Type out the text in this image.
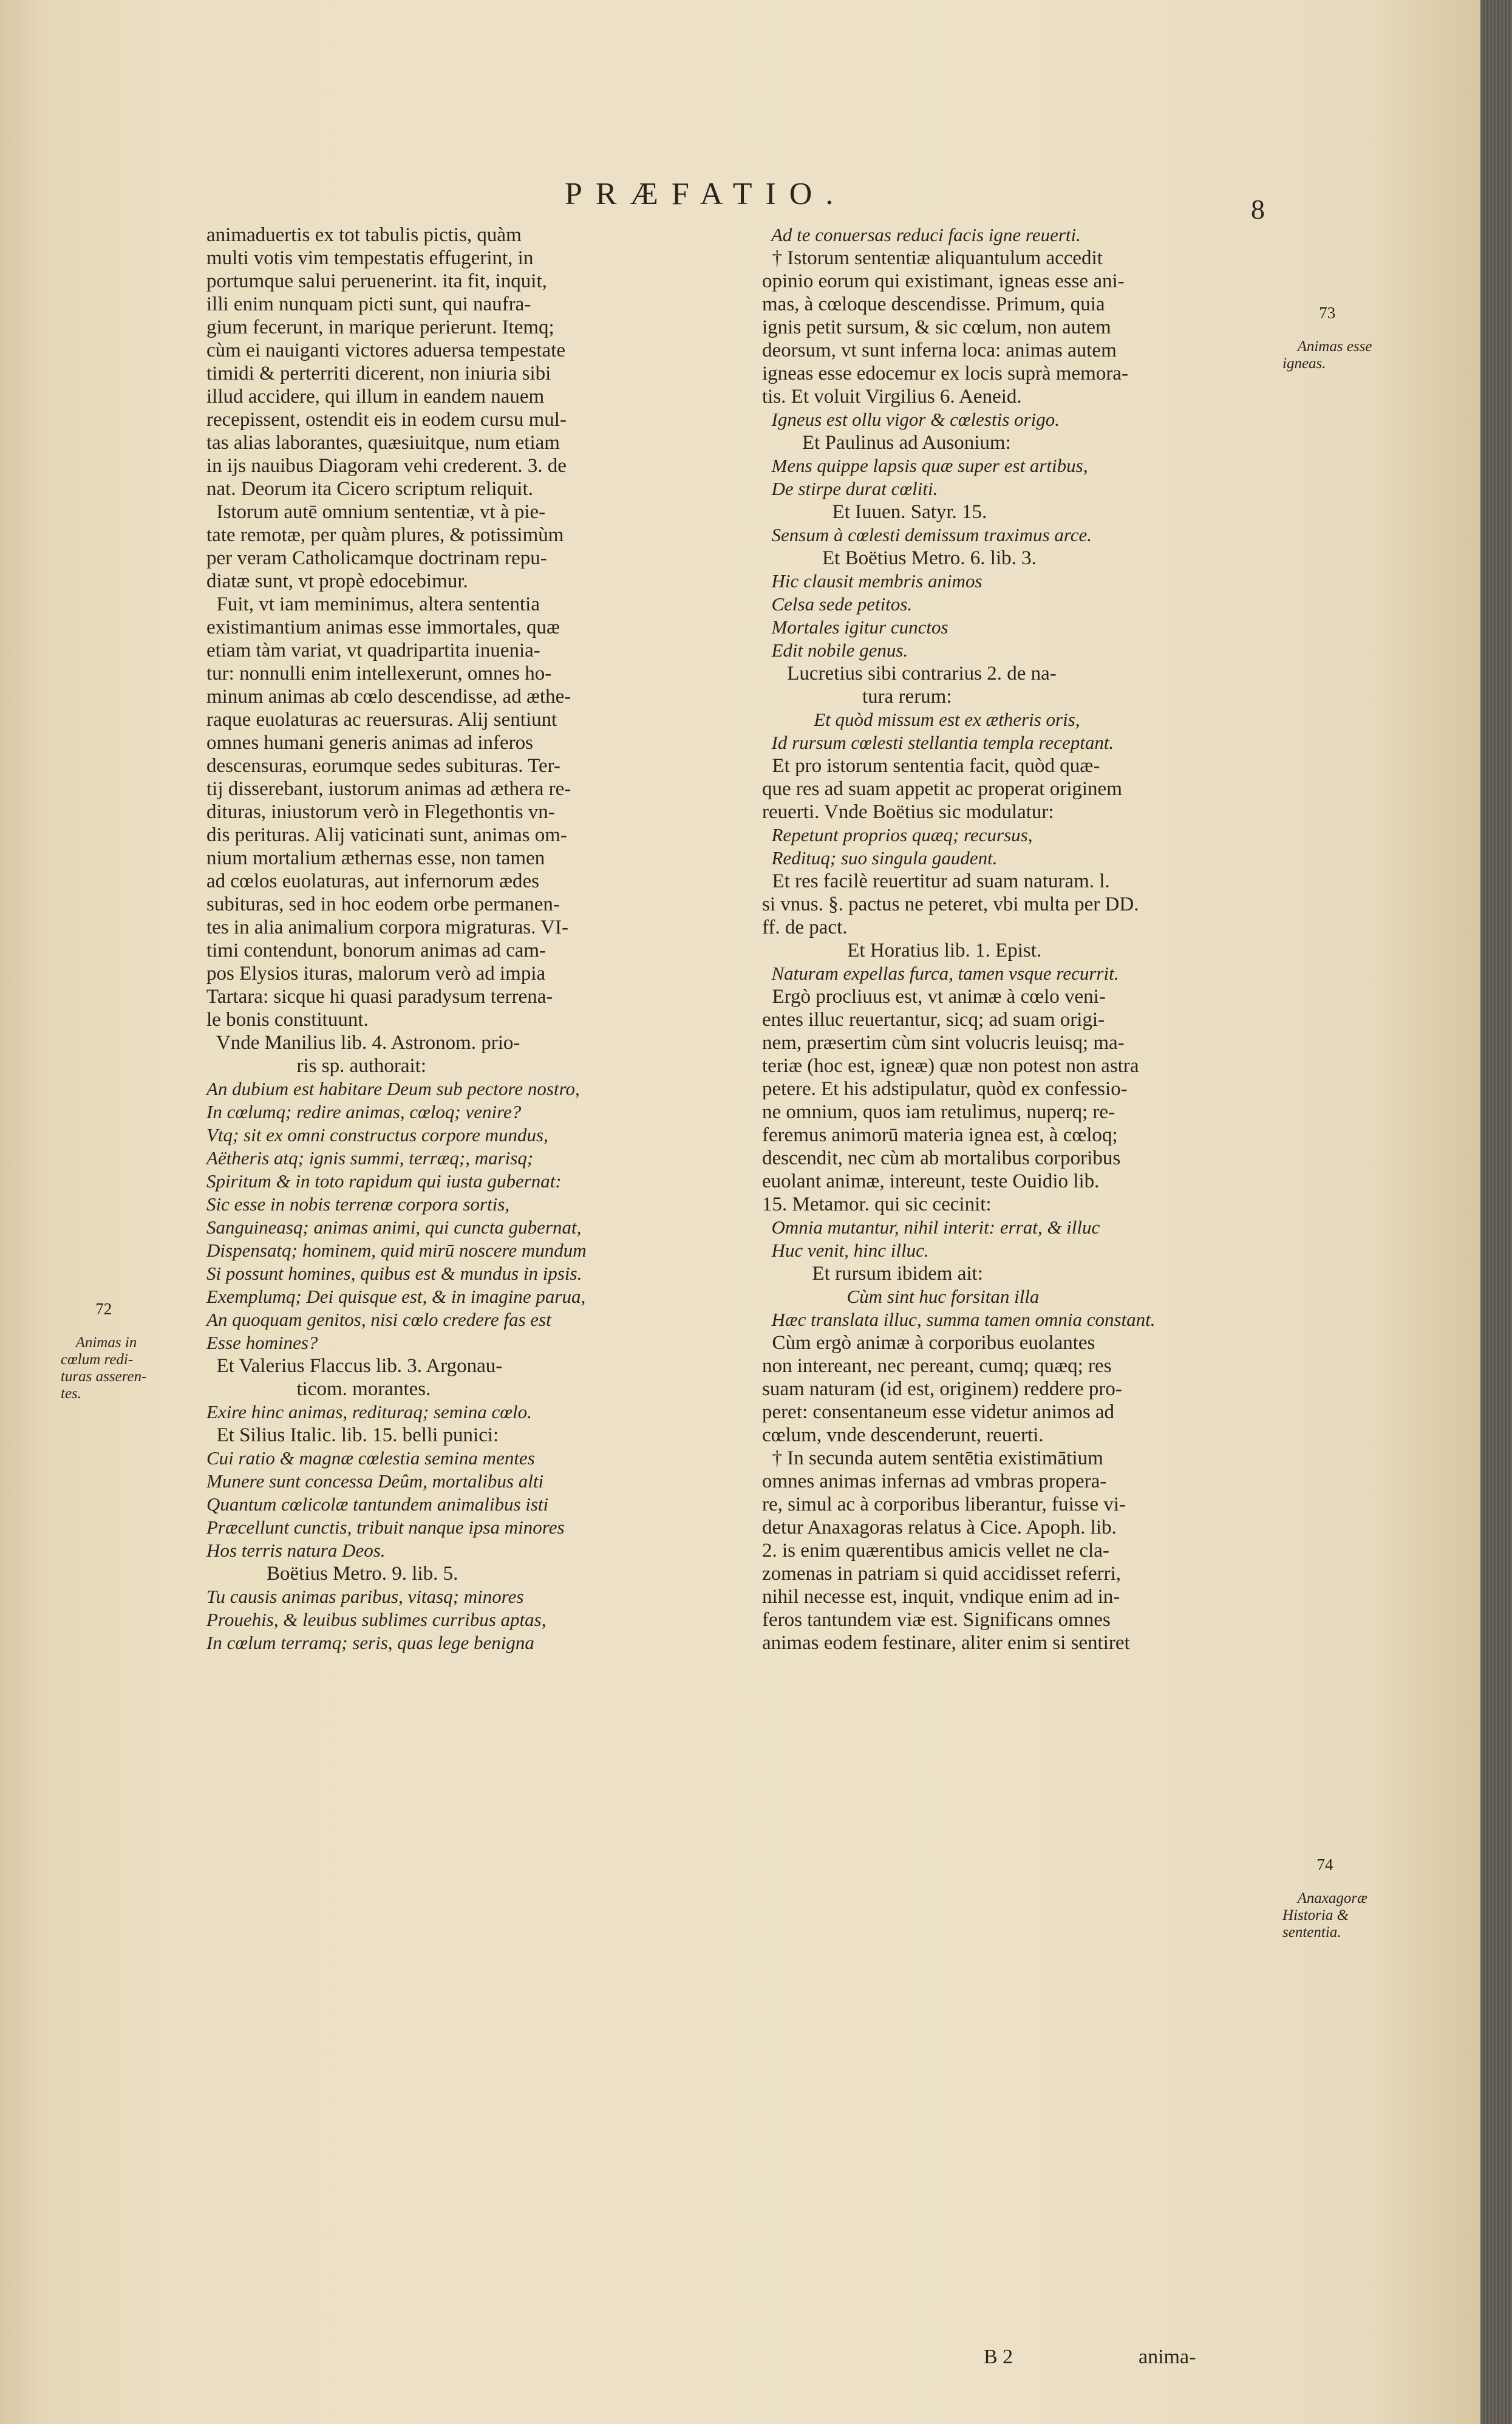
PRÆFATIO.	8
animaduertis ex tot tabulis pictis, quàm
multi votis vim tempestatis effugerint, in
portumque salui peruenerint. ita fit, inquit,
illi enim nunquam picti sunt, qui naufra-
gium fecerunt, in marique perierunt. Itemq;
cùm ei nauiganti victores aduersa tempestate
timidi & perterriti dicerent, non iniuria sibi
illud accidere, qui illum in eandem nauem
recepissent, ostendit eis in eodem cursu mul-
tas alias laborantes, quæsiuitque, num etiam
in ijs nauibus Diagoram vehi crederent. 3. de
nat. Deorum ita Cicero scriptum reliquit.
Istorum autē omnium sententiæ, vt à pie-
tate remotæ, per quàm plures, & potissimùm
per veram Catholicamque doctrinam repu-
diatæ sunt, vt propè edocebimur.
Fuit, vt iam meminimus, altera sententia
existimantium animas esse immortales, quæ
etiam tàm variat, vt quadripartita inuenia-
tur: nonnulli enim intellexerunt, omnes ho-
minum animas ab cœlo descendisse, ad æthe-
raque euolaturas ac reuersuras. Alij sentiunt
omnes humani generis animas ad inferos
descensuras, eorumque sedes subituras. Ter-
tij disserebant, iustorum animas ad æthera re-
dituras, iniustorum verò in Flegethontis vn-
dis perituras. Alij vaticinati sunt, animas om-
nium mortalium æthernas esse, non tamen
ad cœlos euolaturas, aut infernorum ædes
subituras, sed in hoc eodem orbe permanen-
tes in alia animalium corpora migraturas. VI-
timi contendunt, bonorum animas ad cam-
pos Elysios ituras, malorum verò ad impia
Tartara: sicque hi quasi paradysum terrena-
le bonis constituunt.
Vnde Manilius lib. 4. Astronom. prio-
ris sp. authorait:
An dubium est habitare Deum sub pectore nostro,
In cœlumq; redire animas, cœloq; venire?
Vtq; sit ex omni constructus corpore mundus,
Aëtheris atq; ignis summi, terræq;, marisq;
Spiritum & in toto rapidum qui iusta gubernat:
Sic esse in nobis terrenæ corpora sortis,
Sanguineasq; animas animi, qui cuncta gubernat,
Dispensatq; hominem, quid mirū noscere mundum
Si possunt homines, quibus est & mundus in ipsis.
Exemplumq; Dei quisque est, & in imagine parua,
An quoquam genitos, nisi cœlo credere fas est
Esse homines?
Et Valerius Flaccus lib. 3. Argonau-
ticom. morantes.
Exire hinc animas, redituraq; semina cœlo.
Et Silius Italic. lib. 15. belli punici:
Cui ratio & magnæ cœlestia semina mentes
Munere sunt concessa Deûm, mortalibus alti
Quantum cœlicolæ tantundem animalibus isti
Præcellunt cunctis, tribuit nanque ipsa minores
Hos terris natura Deos.
Boëtius Metro. 9. lib. 5.
Tu causis animas paribus, vitasq; minores
Prouehis, & leuibus sublimes curribus aptas,
In cœlum terramq; seris, quas lege benigna
Ad te conuersas reduci facis igne reuerti.
† Istorum sententiæ aliquantulum accedit
opinio eorum qui existimant, igneas esse ani-
mas, à cœloque descendisse. Primum, quia
ignis petit sursum, & sic cœlum, non autem
deorsum, vt sunt inferna loca: animas autem
igneas esse edocemur ex locis suprà memora-
tis. Et voluit Virgilius 6. Aeneid.
Igneus est ollu vigor & cœlestis origo.
Et Paulinus ad Ausonium:
Mens quippe lapsis quæ super est artibus,
De stirpe durat cœliti.
Et Iuuen. Satyr. 15.
Sensum à cœlesti demissum traximus arce.
Et Boëtius Metro. 6. lib. 3.
Hic clausit membris animos
Celsa sede petitos.
Mortales igitur cunctos
Edit nobile genus.
Lucretius sibi contrarius 2. de na-
tura rerum:
Et quòd missum est ex ætheris oris,
Id rursum cœlesti stellantia templa receptant.
Et pro istorum sententia facit, quòd quæ-
que res ad suam appetit ac properat originem
reuerti. Vnde Boëtius sic modulatur:
Repetunt proprios quæq; recursus,
Redituq; suo singula gaudent.
Et res facilè reuertitur ad suam naturam. l.
si vnus. §. pactus ne peteret, vbi multa per DD.
ff. de pact.
Et Horatius lib. 1. Epist.
Naturam expellas furca, tamen vsque recurrit.
Ergò procliuus est, vt animæ à cœlo veni-
entes illuc reuertantur, sicq; ad suam origi-
nem, præsertim cùm sint volucris leuisq; ma-
teriæ (hoc est, igneæ) quæ non potest non astra
petere. Et his adstipulatur, quòd ex confessio-
ne omnium, quos iam retulimus, nuperq; re-
feremus animorū materia ignea est, à cœloq;
descendit, nec cùm ab mortalibus corporibus
euolant animæ, intereunt, teste Ouidio lib.
15. Metamor. qui sic cecinit:
Omnia mutantur, nihil interit: errat, & illuc
Huc venit, hinc illuc.
Et rursum ibidem ait:
Cùm sint huc forsitan illa
Hæc translata illuc, summa tamen omnia constant.
Cùm ergò animæ à corporibus euolantes
non intereant, nec pereant, cumq; quæq; res
suam naturam (id est, originem) reddere pro-
peret: consentaneum esse videtur animos ad
cœlum, vnde descenderunt, reuerti.
† In secunda autem sentētia existimātium
omnes animas infernas ad vmbras propera-
re, simul ac à corporibus liberantur, fuisse vi-
detur Anaxagoras relatus à Cice. Apoph. lib.
2. is enim quærentibus amicis vellet ne cla-
zomenas in patriam si quid accidisset referri,
nihil necesse est, inquit, vndique enim ad in-
feros tantundem viæ est. Significans omnes
animas eodem festinare, aliter enim si sentiret

72

Animas in
cœlum redi-
turas asseren-
tes.

73

Animas esse
igneas.

74

Anaxagoræ
Historia &
sententia.

B 2	anima-
